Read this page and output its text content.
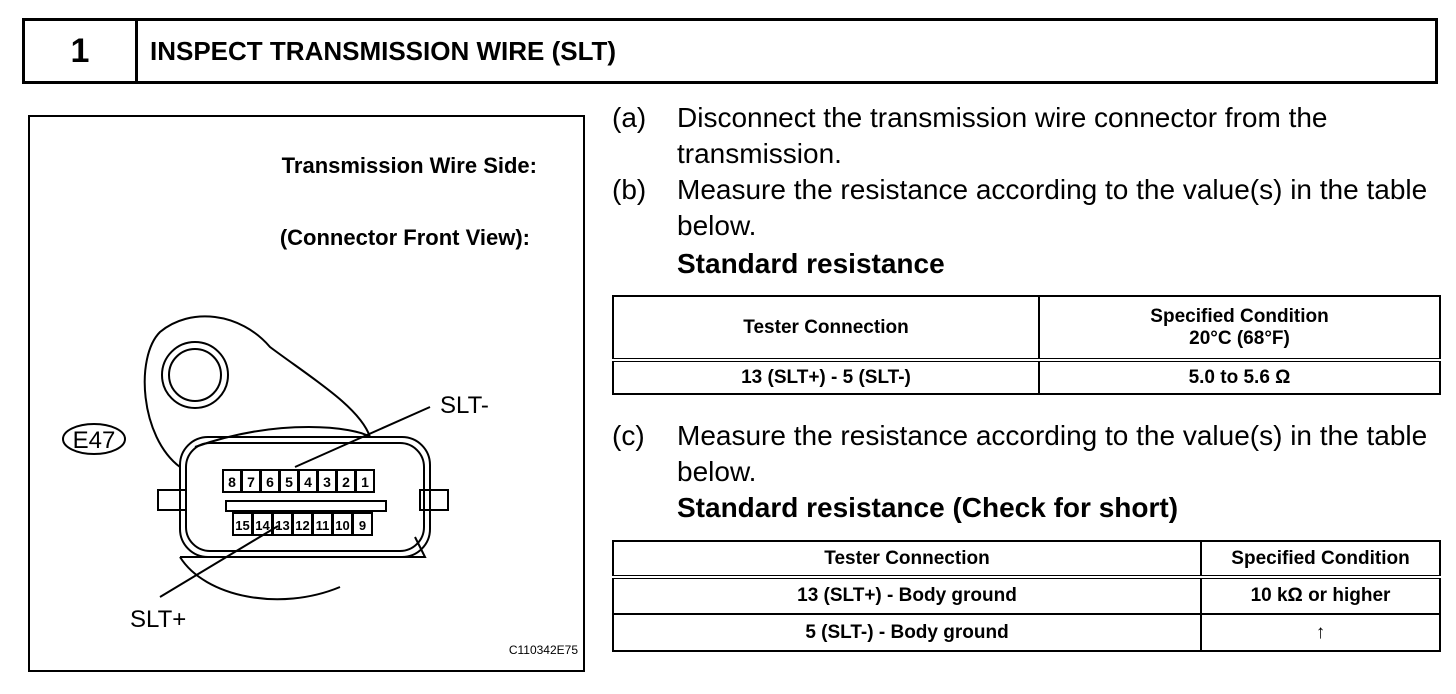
1	INSPECT TRANSMISSION WIRE (SLT)
Transmission Wire Side:
(Connector Front View):
8 7 6 5 4 3 2 1
15 14 13 12 11 10 9
SLT-
SLT+
E47
C110342E75
(a) Disconnect the transmission wire connector from the transmission.
(b) Measure the resistance according to the value(s) in the table below.
Standard resistance
Tester Connection	Specified Condition
20°C (68°F)

13 (SLT+) - 5 (SLT-)	5.0 to 5.6 Ω
(c) Measure the resistance according to the value(s) in the table below.
Standard resistance (Check for short)
Tester Connection	Specified Condition
13 (SLT+) - Body ground	10 kΩ or higher
5 (SLT-) - Body ground	↑
